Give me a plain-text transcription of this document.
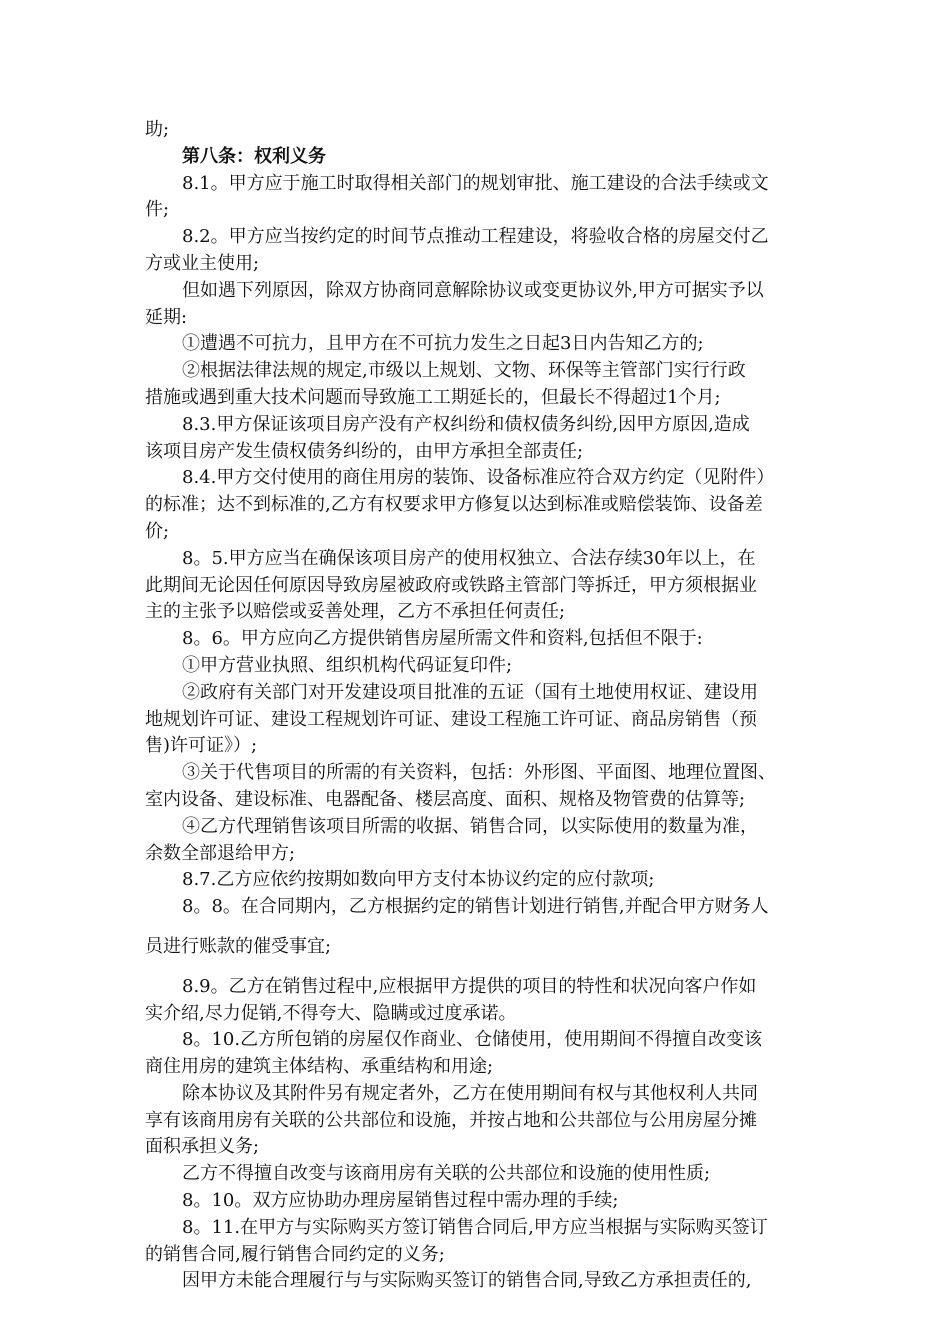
助;
第八条：权利义务
8.1。甲方应于施工时取得相关部门的规划审批、施工建设的合法手续或文
件;
8.2。甲方应当按约定的时间节点推动工程建设，将验收合格的房屋交付乙
方或业主使用;
但如遇下列原因，除双方协商同意解除协议或变更协议外,甲方可据实予以
延期:
①遭遇不可抗力，且甲方在不可抗力发生之日起3日内告知乙方的;
②根据法律法规的规定,市级以上规划、文物、环保等主管部门实行行政
措施或遇到重大技术问题而导致施工工期延长的，但最长不得超过1个月;
8.3.甲方保证该项目房产没有产权纠纷和债权债务纠纷,因甲方原因,造成
该项目房产发生债权债务纠纷的，由甲方承担全部责任;
8.4.甲方交付使用的商住用房的装饰、设备标准应符合双方约定（见附件）
的标准；达不到标准的,乙方有权要求甲方修复以达到标准或赔偿装饰、设备差
价;
8。5.甲方应当在确保该项目房产的使用权独立、合法存续30年以上，在
此期间无论因任何原因导致房屋被政府或铁路主管部门等拆迁，甲方须根据业
主的主张予以赔偿或妥善处理，乙方不承担任何责任;
8。6。甲方应向乙方提供销售房屋所需文件和资料,包括但不限于:
①甲方营业执照、组织机构代码证复印件;
②政府有关部门对开发建设项目批准的五证（国有土地使用权证、建设用
地规划许可证、建设工程规划许可证、建设工程施工许可证、商品房销售（预
售)许可证》）;
③关于代售项目的所需的有关资料，包括：外形图、平面图、地理位置图、
室内设备、建设标准、电器配备、楼层高度、面积、规格及物管费的估算等;
④乙方代理销售该项目所需的收据、销售合同，以实际使用的数量为准，
余数全部退给甲方;
8.7.乙方应依约按期如数向甲方支付本协议约定的应付款项;
8。8。在合同期内，乙方根据约定的销售计划进行销售,并配合甲方财务人
员进行账款的催受事宜;
8.9。乙方在销售过程中,应根据甲方提供的项目的特性和状况向客户作如
实介绍,尽力促销,不得夸大、隐瞒或过度承诺。
8。10.乙方所包销的房屋仅作商业、仓储使用，使用期间不得擅自改变该
商住用房的建筑主体结构、承重结构和用途;
除本协议及其附件另有规定者外，乙方在使用期间有权与其他权利人共同
享有该商用房有关联的公共部位和设施，并按占地和公共部位与公用房屋分摊
面积承担义务;
乙方不得擅自改变与该商用房有关联的公共部位和设施的使用性质;
8。10。双方应协助办理房屋销售过程中需办理的手续;
8。11.在甲方与实际购买方签订销售合同后,甲方应当根据与实际购买签订
的销售合同,履行销售合同约定的义务;
因甲方未能合理履行与与实际购买签订的销售合同,导致乙方承担责任的,
